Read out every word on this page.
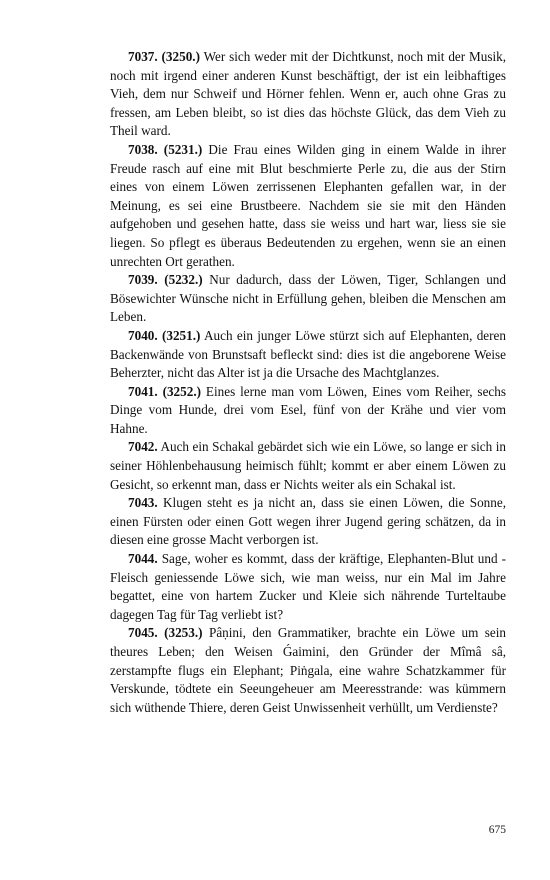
7037. (3250.) Wer sich weder mit der Dichtkunst, noch mit der Musik, noch mit irgend einer anderen Kunst beschäftigt, der ist ein leibhaftiges Vieh, dem nur Schweif und Hörner fehlen. Wenn er, auch ohne Gras zu fressen, am Leben bleibt, so ist dies das höchste Glück, das dem Vieh zu Theil ward.

7038. (5231.) Die Frau eines Wilden ging in einem Walde in ihrer Freude rasch auf eine mit Blut beschmierte Perle zu, die aus der Stirn eines von einem Löwen zerrissenen Elephanten gefallen war, in der Meinung, es sei eine Brustbeere. Nachdem sie sie mit den Händen aufgehoben und gesehen hatte, dass sie weiss und hart war, liess sie sie liegen. So pflegt es überaus Bedeutenden zu ergehen, wenn sie an einen unrechten Ort gerathen.

7039. (5232.) Nur dadurch, dass der Löwen, Tiger, Schlangen und Bösewichter Wünsche nicht in Erfüllung gehen, bleiben die Menschen am Leben.

7040. (3251.) Auch ein junger Löwe stürzt sich auf Elephanten, deren Backenwände von Brunstsaft befleckt sind: dies ist die angeborene Weise Beherzter, nicht das Alter ist ja die Ursache des Machtglanzes.

7041. (3252.) Eines lerne man vom Löwen, Eines vom Reiher, sechs Dinge vom Hunde, drei vom Esel, fünf von der Krähe und vier vom Hahne.

7042. Auch ein Schakal gebärdet sich wie ein Löwe, so lange er sich in seiner Höhlenbehausung heimisch fühlt; kommt er aber einem Löwen zu Gesicht, so erkennt man, dass er Nichts weiter als ein Schakal ist.

7043. Klugen steht es ja nicht an, dass sie einen Löwen, die Sonne, einen Fürsten oder einen Gott wegen ihrer Jugend gering schätzen, da in diesen eine grosse Macht verborgen ist.

7044. Sage, woher es kommt, dass der kräftige, Elephanten-Blut und -Fleisch geniessende Löwe sich, wie man weiss, nur ein Mal im Jahre begattet, eine von hartem Zucker und Kleie sich nährende Turteltaube dagegen Tag für Tag verliebt ist?

7045. (3253.) Pâṇini, den Grammatiker, brachte ein Löwe um sein theures Leben; den Weisen Ǵaimini, den Gründer der Mîmâ sâ, zerstampfte flugs ein Elephant; Piṅgala, eine wahre Schatzkammer für Verskunde, tödtete ein Seeungeheuer am Meeresstrande: was kümmern sich wüthende Thiere, deren Geist Unwissenheit verhüllt, um Verdienste?

675
